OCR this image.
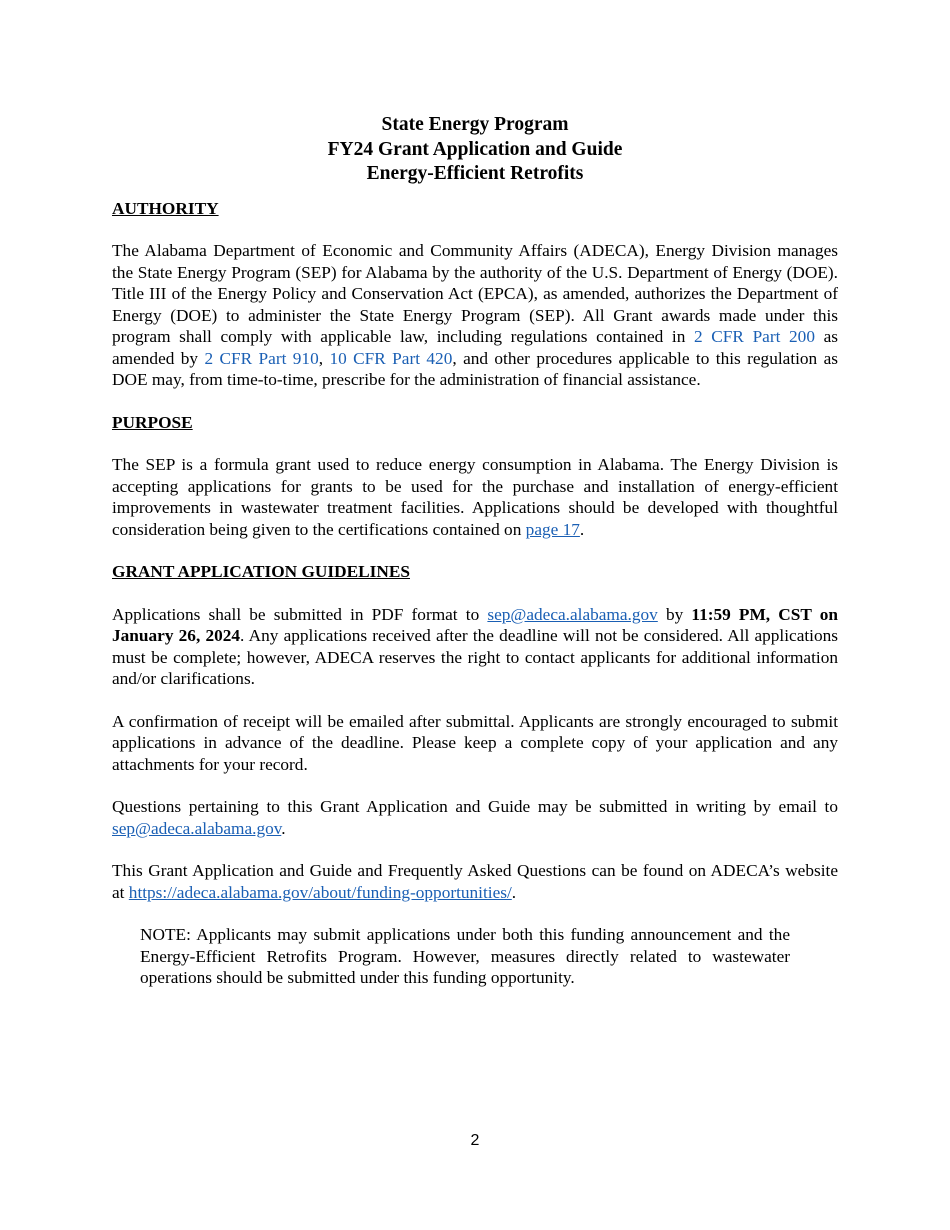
State Energy Program
FY24 Grant Application and Guide
Energy-Efficient Retrofits

AUTHORITY

The Alabama Department of Economic and Community Affairs (ADECA), Energy Division manages the State Energy Program (SEP) for Alabama by the authority of the U.S. Department of Energy (DOE). Title III of the Energy Policy and Conservation Act (EPCA), as amended, authorizes the Department of Energy (DOE) to administer the State Energy Program (SEP). All Grant awards made under this program shall comply with applicable law, including regulations contained in 2 CFR Part 200 as amended by 2 CFR Part 910, 10 CFR Part 420, and other procedures applicable to this regulation as DOE may, from time-to-time, prescribe for the administration of financial assistance.

PURPOSE

The SEP is a formula grant used to reduce energy consumption in Alabama. The Energy Division is accepting applications for grants to be used for the purchase and installation of energy-efficient improvements in wastewater treatment facilities. Applications should be developed with thoughtful consideration being given to the certifications contained on page 17.

GRANT APPLICATION GUIDELINES

Applications shall be submitted in PDF format to sep@adeca.alabama.gov by 11:59 PM, CST on January 26, 2024. Any applications received after the deadline will not be considered. All applications must be complete; however, ADECA reserves the right to contact applicants for additional information and/or clarifications.

A confirmation of receipt will be emailed after submittal. Applicants are strongly encouraged to submit applications in advance of the deadline. Please keep a complete copy of your application and any attachments for your record.

Questions pertaining to this Grant Application and Guide may be submitted in writing by email to sep@adeca.alabama.gov.

This Grant Application and Guide and Frequently Asked Questions can be found on ADECA’s website at https://adeca.alabama.gov/about/funding-opportunities/.

NOTE: Applicants may submit applications under both this funding announcement and the Energy-Efficient Retrofits Program. However, measures directly related to wastewater operations should be submitted under this funding opportunity.

2
